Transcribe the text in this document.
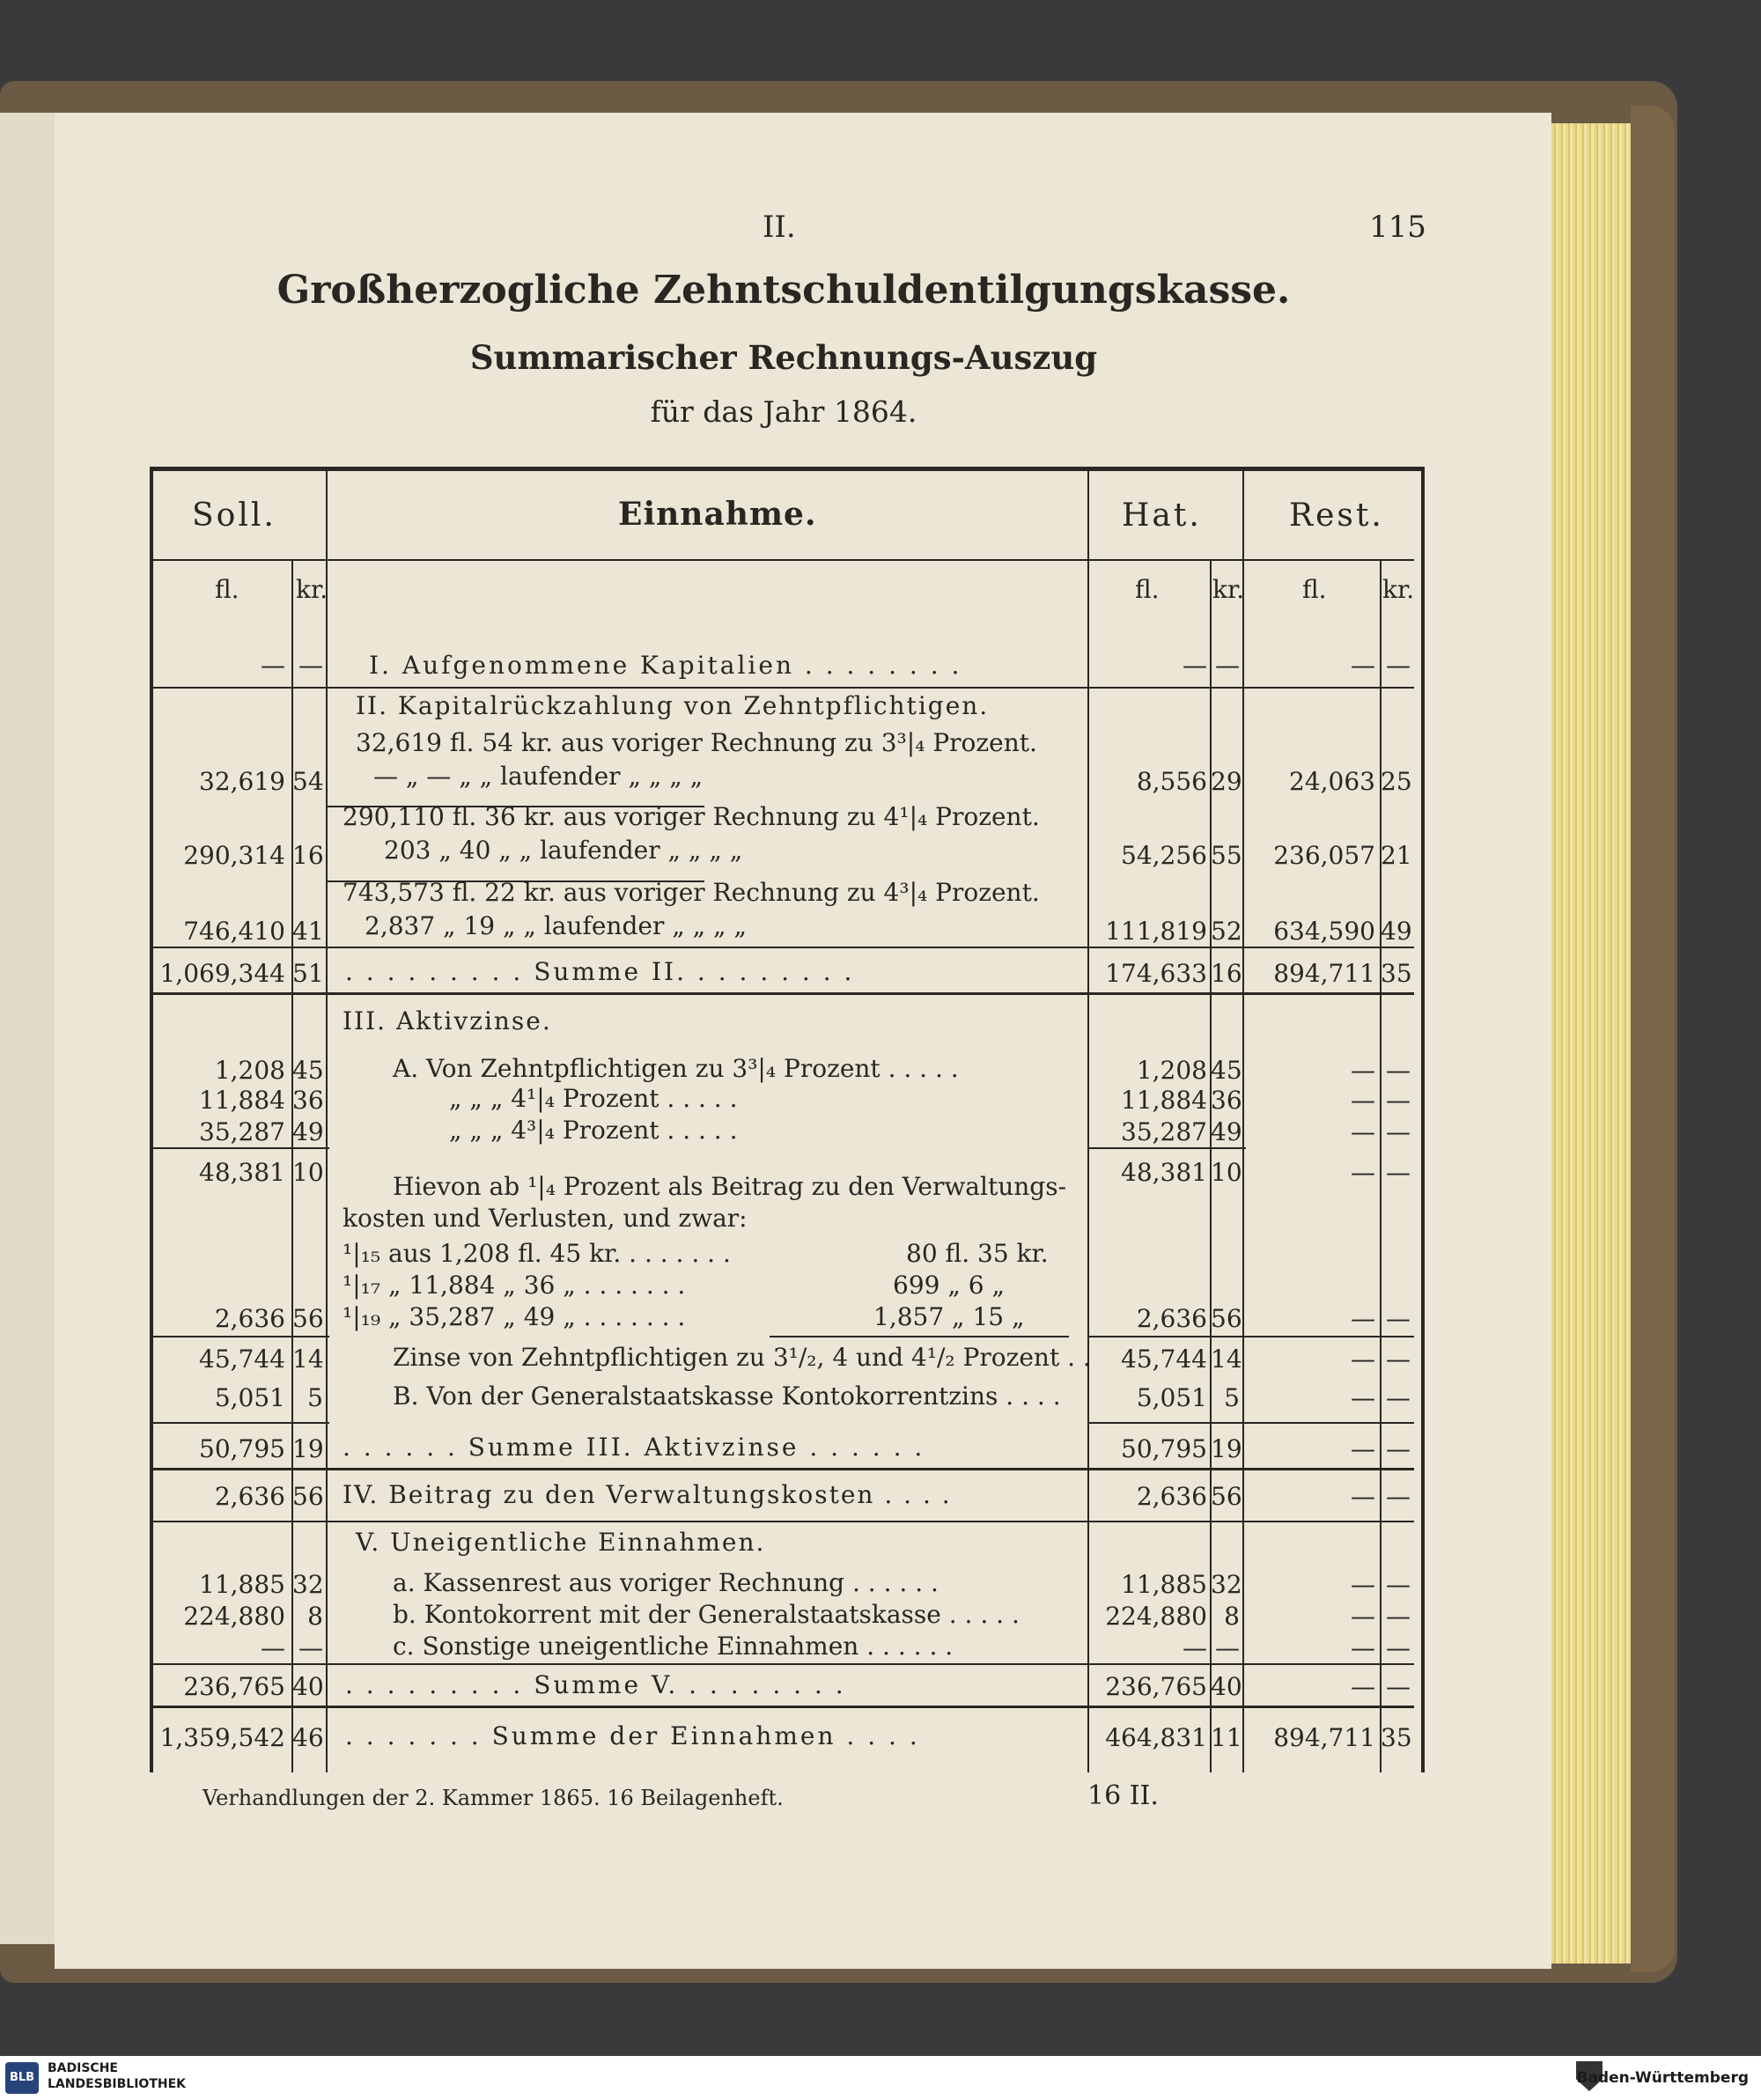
II.	115
Großherzogliche Zehntschuldentilgungskasse.
Summarischer Rechnungs-Auszug
für das Jahr 1864.
Soll.	Einnahme.	Hat.	Rest.
fl. kr.	fl. kr. fl. kr.
— — I. Aufgenommene Kapitalien . . . . . . . .	— —	— —
II. Kapitalrückzahlung von Zehntpflichtigen.
32,619 fl. 54 kr. aus voriger Rechnung zu 3³|₄ Prozent.
— „ — „ „ laufender „ „ „ „
32,619 54	8,556 29	24,063 25
290,110 fl. 36 kr. aus voriger Rechnung zu 4¹|₄ Prozent.
203 „ 40 „ „ laufender „ „ „ „
290,314 16	54,256 55	236,057 21
743,573 fl. 22 kr. aus voriger Rechnung zu 4³|₄ Prozent.
2,837 „ 19 „ „ laufender „ „ „ „
746,410 41	111,819 52	634,590 49
. . . . . . . . . Summe II. . . . . . . . .
1,069,344 51	174,633 16	894,711 35
III. Aktivzinse.
A. Von Zehntpflichtigen zu 3³|₄ Prozent . . . . .
1,208 45	1,208 45	— —
„ „ „ 4¹|₄ Prozent . . . . .
11,884 36	11,884 36	— —
„ „ „ 4³|₄ Prozent . . . . .
35,287 49	35,287 49	— —
48,381 10	48,381 10	— —
Hievon ab ¹|₄ Prozent als Beitrag zu den Verwaltungs-
kosten und Verlusten, und zwar:
¹|₁₅ aus 1,208 fl. 45 kr. . . . . . . .	80 fl. 35 kr.
¹|₁₇ „ 11,884 „ 36 „ . . . . . . .	699 „ 6 „
¹|₁₉ „ 35,287 „ 49 „ . . . . . . .	1,857 „ 15 „
2,636 56	2,636 56	— —
Zinse von Zehntpflichtigen zu 3¹/₂, 4 und 4¹/₂ Prozent . .
45,744 14	45,744 14	— —
B. Von der Generalstaatskasse Kontokorrentzins . . . .
5,051 5	5,051 5	— —
. . . . . . Summe III. Aktivzinse . . . . . .
50,795 19	50,795 19	— —
IV. Beitrag zu den Verwaltungskosten . . . .
2,636 56	2,636 56	— —
V. Uneigentliche Einnahmen.
a. Kassenrest aus voriger Rechnung . . . . . .
11,885 32	11,885 32	— —
b. Kontokorrent mit der Generalstaatskasse . . . . .
224,880 8	224,880 8	— —
c. Sonstige uneigentliche Einnahmen . . . . . .
— —	— —	— —
. . . . . . . . . Summe V. . . . . . . . .
236,765 40	236,765 40	— —
. . . . . . . Summe der Einnahmen . . . .
1,359,542 46	464,831 11	894,711 35
Verhandlungen der 2. Kammer 1865. 16 Beilagenheft.	16 II.
BLB
BADISCHE
LANDESBIBLIOTHEK	Baden-Württemberg
